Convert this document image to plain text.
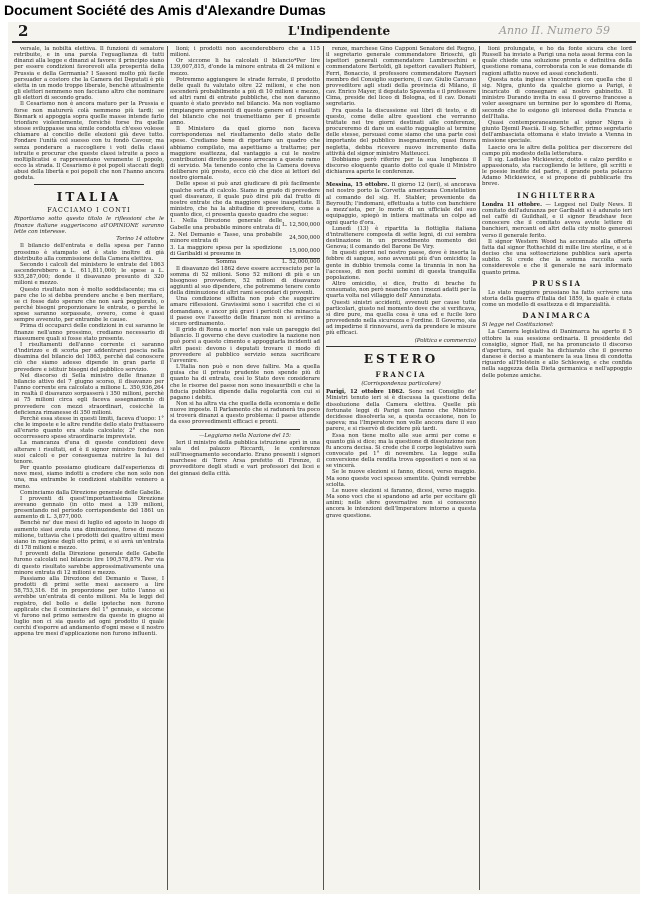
Document Société des Amis d'Alexandre Dumas
2	L'Indipendente	Anno II. Numero 59

versale, la nobiltà elettiva. Il funzioni di senatore retribuite, e in una parola l'eguaglianza di tutti dinanzi alla legge e dinanzi al favore: il principio siano per essere condizioni favorevoli alla prosperità della Prussia e della Germania? I Sassoni molto più facile persuader a costoro che la Camera dei Deputati è più eletta in un modo troppo liberale, benchè attualmente gli elettori nemmeno non facciano altro che nominare gli elettori di secondo grado.

Il Cesarismo non è ancora maturo per la Prussia e forse non maturerà colà nemmeno più tardi; se Bismark si appoggia sopra quelle masse intende farlo trionfare violentemente, forsichè forse fra quelle stesse sviluppasse una simile condotta ch'esso volesse chiamare al concilio delle elezioni già deve tutto. Fondare l'unità col suesso con tu fondò Cavour, ma senza ponderare a raccogliere i voti della classi istruite e procurar che queste classi istruite a poco a moltiplicatisi e rappresentano veramente il popolo, ecco la strada. Il Cesarismo è poi popoli staccati degli abusi della libertà e poi popoli che non l'hanno ancora goduta.

ITALIA
FACCIAMO I CONTI
Riportiamo sotto questo titolo le riflessioni che le finanze italiane suggeriscono all'OPINIONE saranno lette con interesse.
Torino 14 ottobre

Il bilancio dell'entrata e della spesa per l'anno prossimo è stampato ed è stato inoltre di già distribuito alla commissione della Camera elettiva.

Secondo i calcoli del ministero le entrate del 1863 ascenderebbero a L. 611,811,000; le spese a L. 935,287,000; donde il disavanzo presunto di 320 milioni e mezzo.

Questo risultato non è molto soddisfacente; ma ci pare che lo si debba prendere anche e ben meritare, se ci fosse dato sperare che non sarà peggiorato, o perché bisogni proporzionare le entrate, o perché le spese saranno sorpassate, ovvero, come è quasi sempre avvenuto, per entrambe le cause.

Prima di occuparci delle condizioni in cui saranno le finanze nell'anno prossimo, crediamo necessario di riassumere quali si fosse stato presente.

I risultamenti dell'anno corrente ci saranno d'indirizzo e di scorta per addentrarci poscia nella disamina del bilancio del 1863, perchè dal conoscere ciò che siamo adesso dipende in gran parte il prevedere e istituir bisogni del pubblico servizio.

Nel discorso di Sella ministro delle finanze il bilancio attivo del 7 giugno scorso, il disavanzo per l'anno corrente era calcolato a milione L. 350,936,264 in realtà il disavanzo sorpasserà i 350 milioni, perchè ai 75 milioni circa egli faceva assegnamento di provvedere con mezzi straordinari, cosicchè la deficienza rimanesse di 350 milioni.

Perchè essa stesse in questi limiti, faceva d'uopo: 1° che le imposte e le altre rendite dello stato fruttassero all'erario quanto era stato calcolato; 2° che non occorressero spese straordinarie impreviste.

La mancanza d'una di queste condizioni deve alterare i risultati, ed è il signor ministro fondava i suoi calcoli e per conseguenza nutrire la lui del tenore.

Per quanto possiamo giudicare dall'esperienza di nove mesi, siamo indotti a credere che non solo non una, ma entrambe le condizioni stabilite vennero a meno.

Cominciamo dalla Direzione generale delle Gabelle.

I proventi di quest'importantissima Direzione avevano gennaio (in otto mesi a 139 milioni, presentando nel periodo corrispondente del 1861 un aumento di L. 3,877,000.

Benchè ne' due mesi di luglio ed agosto in luogo di aumento siasi avuta una diminuzione, forse di mezzo milione, tuttavia che i prodotti dei quattro ultimi mesi siano in ragione degli otto primi, e si avrà un'entrata di 178 milioni e mezzo.

I proventi della Direzione generale delle Gabelle furono calcolati nel bilancio lire 190,578,879. Per via di questo risultato sarebbe approssimativamente una minore entrata di 12 milioni e mezzo.

Passiamo alla Direzione del Demanio e Tasse, I prodotti di primi sette mesi ascesero a lire 58,753,316. Ed in proporzione per tutto l'anno si avrebbe un'entrata di cento milioni. Ma le leggi del registro, del bollo e delle ipoteche non furono applicate che il cominciare del 1° gennaio, e siccome vi furono nel primo semestre da queste in giugno ai luglio non ci sia questo ad ogni prodotto il quale cerchi d'esporre ad andamento d'ogni mese e il nostro appena tre mesi d'applicazione non furono influenti.

lioni; i prodotti non ascenderebbero che a 115 milioni.

Or siccome li ha calcolati il bilancio*Per lire 139,607,815, d'onde la minore entrata di 24 milioni e mezzo.

Potremmo aggiungere le strade ferrate, il prodotto delle quali fu valutato oltre 22 milioni, e che non ascenderà probabilmente a più di 10 milioni e mezzo, ed altri rami di entrate pubbliche, che non daranno quanto è stato previsto nel bilancio. Ma non vogliamo rimpiangere argomenti di questo genere ed i risultati del bilancio che noi trasmettiamo per il presente anno.

Il Ministero da quel giorno non faceva corrispondenza nel risultamento dello stato delle spese. Crediamo bene di riportare un quadro che abbiamo compilato, ma aspettiamo a trattarne; per maggiore esattezza, dal vantaggio a cui le nostre contribuzioni dirette possono arrecare a questo ramo di servizio. Ma tenendo conto che la Camera doveva deliberare più presto, ecco ciò che dice ai lettori del nostro giornale.

Delle spese si può anzi giudicare di più facilmente qualche sorta di calcolo. Siamo in grado di prevedere quel disavanzo, il quale può dirsi più dal frutto di nostre entrate che da maggiore spese inaspettate. Il ministro, che ha la abitudine di prevedere, come a quanto dice, ci presenta questo quadro che segue:

1. Nella Direzione generale delle Gabelle una probabile minore entrata di	L. 12,500,000
2. Nel Demanio e Tasse, una probabile minore entrata di	24,500,000
3. La maggiore spesa per la spedizione di Garibaldi si presume in	15,000,000
Somma	L. 52,000,000

Il disavanzo del 1862 deve essere accresciuto per la somma di 52 milioni. Sono 52 milioni di più e un bisognoso provvedere, 52 milioni di disavanzo aggiunti al suo dipendere, che potremmo tenere conto della diminuzione di altri rami secondari di proventi.

Una condizione siffatta non può che suggerire amare riflessioni. Gravissimi sono i sacrifizi che ci si domandano, e ancor più gravi i pericoli che minaccia il paese ove l'assetto delle finanze non si avviino a sicuro ordinamento.

Il grido di Roma o morte! non vale un pareggio del bilancio. Il governo che deve custodire la nazione non può porsi a questo cimento e appoggiarla incidenti ad altri paesi: devono i deputati trovare il modo di provvedere al pubblico servizio senza sacrificare l'avvenire.

L'Italia non può e non deve fallire. Ma a quella guisa che il privato prudente non spende più di quanto ha di entrata, così lo Stato deve considerare che le risorse del paese non sono inesauribili e che la fiducia pubblica dipende dalla regolarità con cui si pagano i debiti.

Non si ha altra via che quella della economia e delle nuove imposte. Il Parlamento che si radunerà tra poco si troverà dinanzi a questo problema: il paese attende da esso provvedimenti efficaci e pronti.

—Leggiamo nella Nazione del 15:

Ieri il ministro della pubblica istruzione aprì in una sala del palazzo Riccardi, le conferenze sull'insegnamento secondario. Erano presenti i signori marchese di Torre Arsa prefetto di Firenze, il provveditore degli studi e vari professori dei licei e dei ginnasi della città.

renze, marchese Gino Capponi Senatore del Regno, il segretario generale commendatore Brioschi, gli ispettori generali commendatore Lambruschini e commendatore Bertoldi, gli ispettori cavalieri Rubieri, Ferri, Bonaccio, il professore commendatore Rayneri membro del Consiglio superiore, il cav. Giulio Carcano provveditore agli studi della provincia di Milano, il cav. Enrico Mayer, il deputato Spaventa e il professore Cima, preside del liceo di Bologna, ed il cav. Donati segretario.

Fra questa la discussione sui libri di testo, e di questo, come delle altre questioni che verranno trattate nei tre giorni destinati alle conferenze, procureremo di dare un esatto ragguaglio al termine delle stesse, persuasi come siamo che una parte così importante del pubblico insegnamento, quasi finora negletta, debba ricevere nuovo incremento dalla attività del signor ministro Matteucci.

Dobbiamo però riferire per la sua lunghezza il discorso eloquente quanto dotto col quale il Ministro dichiarava aperte le conferenze.

Messina, 15 ottobre. Il giorno 12 (ieri), si ancorava nel nostro porto la Corvetta americana Constellation al comando del sig. H. Stabler, proveniente da Beyrouth; l'indomani, effettuata a tutto con banchiere a mezz'asta, per lo morte di un ufficiale del suo equipaggio, spiegò in intiera mattinata un colpo ad ogni quarto d'ora.

Lunedì (13) è ripartita la flottiglia italiana d'intrattenere composta di sette legni, di cui sembra destinazione in un procedimento momento dei Genova; il comando del Barone De Viry.

In questi giorni nel nostro paese, dove è insorta la febbre di sangue, sono avvenuti più d'un omicidio; la gente in dubbio tremola come la tirannia in non ha l'accesso, di non pochi uomini di questa tranquilla popolazione.

Altro omicidio, si dice, frutto di brache fu consumato, non però neanche con i mezzi adatti per la quarta volta nel villaggio dell' Annunziata.

Questi sinistri accidenti, avvenuti per cause tutte particolari, giusto nel momento dove che si verificava, sì dire pure, ma quella cosa è una ed e fucile loro provvedendo nella sicurezza e l'ordine. Il Governo, sia ad impedirne il rinnovarsi, avrà da prendere le misure più efficaci.

(Politica e commercio)
ESTERO
FRANCIA
(Corrispondenza particolare)
Parigi, 12 ottobre 1862. Sono nel Consiglio de' Ministri tenuto ieri si è discussa la questione della dissoluzione della Camera elettiva. Quelle più fortunate leggi di Parigi non fanno che Ministro decidesse dissolverla se, a questa occasione, non lo sapeva; ma l'Imperatore non volle ancora dare il suo parere, e si riservò di decidere più tardi.

Essa non tiene molto alle sue armi per come e quanto già si dice; ma la questione di dissoluzione non fu ancora decisa. Si crede che il corpo legislativo sarà convocato pel 1° di novembre. La legge sulla conversione della rendita trova oppositori e non si sa se vincerà.

Se le nuove elezioni si fanno, dicesi, verso maggio. Ma sono queste voci spesso smentite. Quindi verrebbe sciolta.

Le nuove elezioni si faranno, dicesi, verso maggio. Ma sono voci che si spandono ad arte per eccitare gli animi; nelle sfere governative non si conoscono ancora le intenzioni dell'Imperatore intorno a questa grave questione.

lioni prolungate, e ho da fonte sicura che lord Russell ha inviato a Parigi una nota assai ferma con la quale chiede una soluzione pronta e definitiva della questione romana, corroborata con le sue domande di ragioni affatto nuove ed assai concludenti.

Questa nota inglese s'incontrerà con quella che il sig. Nigra, giunto da qualche giorno a Parigi, è incaricato di consegnare al nostro gabinetto. Il ministro Durando invita in essa il governo francese a voler assegnare un termine per lo sgombro di Roma, secondo che lo esigono gli interessi della Francia e dell'Italia.

Quasi contemporaneamente al signor Nigra è giunto Djemil Pascià. Il sig. Scheffer, primo segretario dell'ambasciata ottomana è stato inviato a Vienna in missione speciale.

Lascio ora le altre della politica per discorrere del campo più modesto della letteratura.

Il sig. Ladislao Mickiewicz, dotto e calzo perdito e appassionato, sta raccogliendo le lettere, gli scritti e le poesie inedite del padre, il grande poeta polacco Adamo Mickiewicz, e si propone di pubblicarle fra breve.

INGHILTERRA
Londra 11 ottobre. — Leggesi nel Daily News. Il comitato dell'adunanza per Garibaldi si è adunato ieri nel caffè di Guildhall, e il signor Bradshaw fece conoscere che il comitato aveva avute lettere di banchieri, mercanti ed altri della city molto generosi verso il generale ferito.

Il signor Western Wood ha accennato alla offerta fatta dal signor Rothschild di mille lire sterline, e si è deciso che una sottoscrizione pubblica sarà aperta subito. Si crede che la somma raccolta sarà considerevole e che il generale ne sarà informato quanto prima.

PRUSSIA

Lo stato maggiore prussiano ha fatto scrivere una storia della guerra d'Italia del 1859, la quale è citata come un modello di esattezza e di imparzialità.

DANIMARCA
Si legge nel Costituzionel:

La Camera legislativa di Danimarca ha aperto il 5 ottobre la sua sessione ordinaria. Il presidente del consiglio, signor Hall, ne ha pronunciato il discorso d'apertura, nel quale ha dichiarato che il governo danese è deciso a mantenere la sua linea di condotta riguardo all'Holstein e allo Schleswig, e che confida nella saggezza della Dieta germanica e nell'appoggio delle potenze amiche.
